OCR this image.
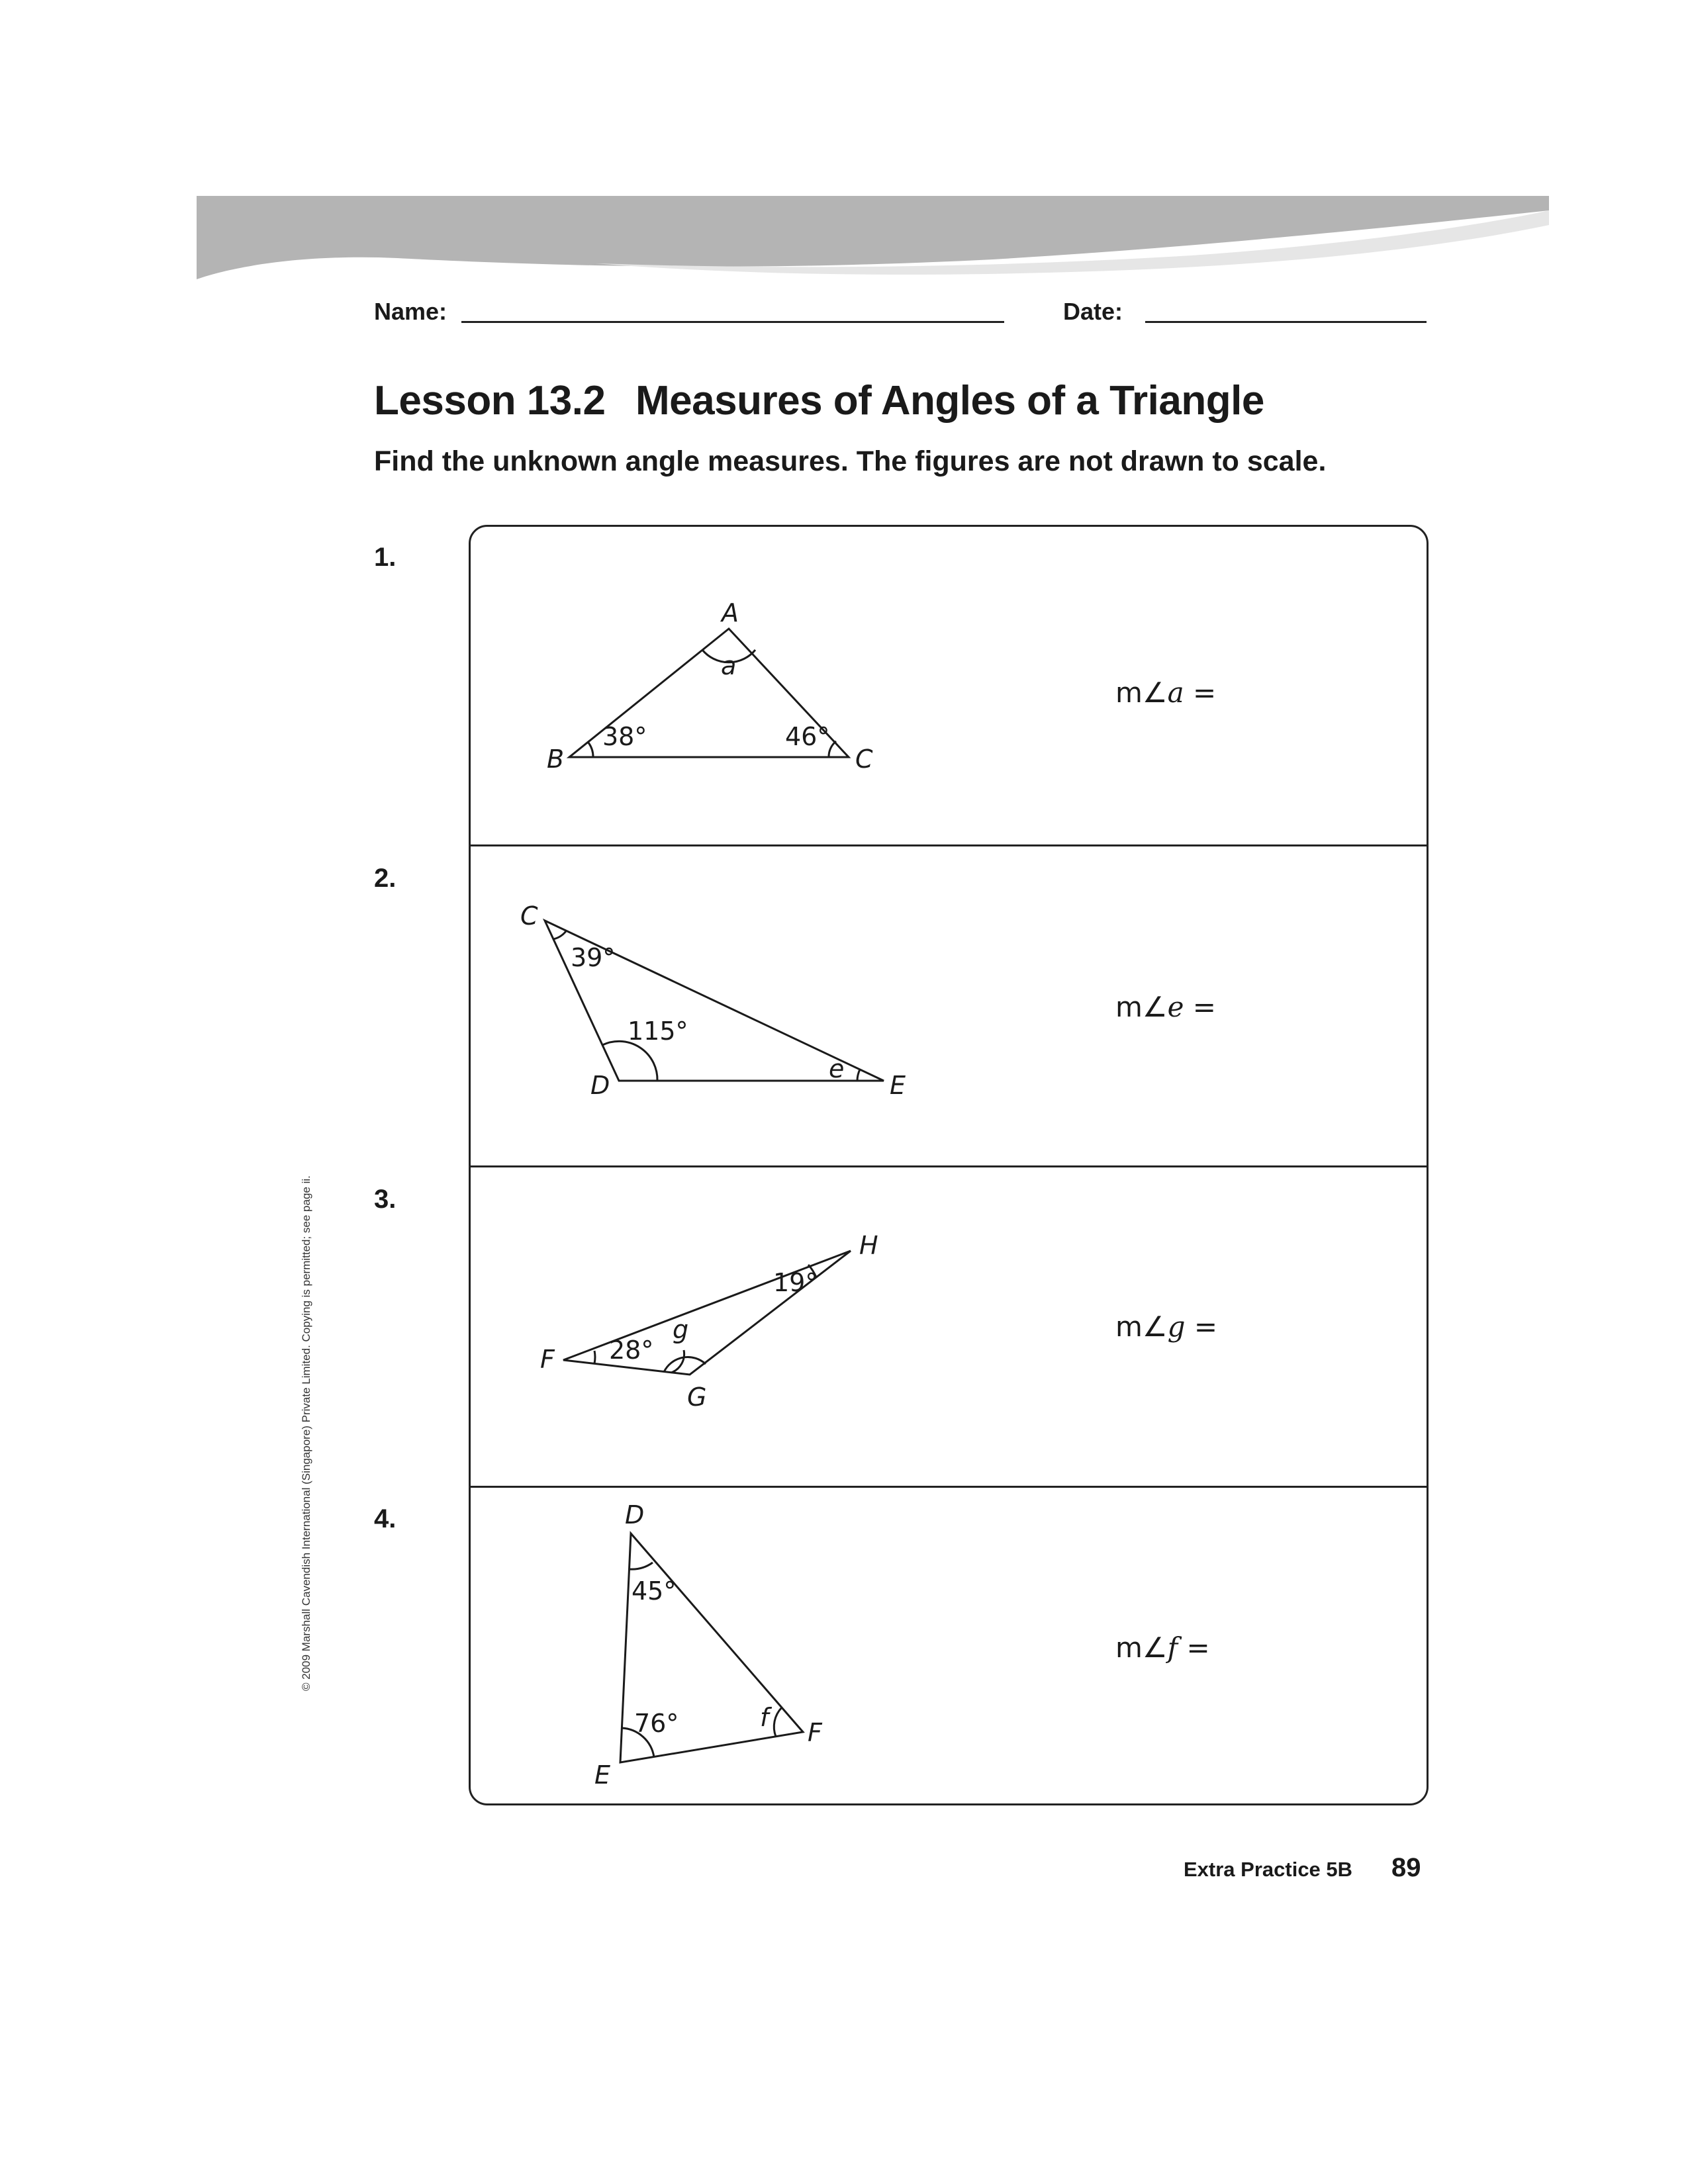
Name:	Date:
Lesson 13.2 Measures of Angles of a Triangle
Find the unknown angle measures. The figures are not drawn to scale.
1.
2.
3.
4.
A
B	C
a
38°	46°
m∠a =
C
D	E
39°
115°
e
m∠e =
F
G
H
28°
g
19°
m∠g =
D
E
F
45°
76°	f
m∠f =
© 2009 Marshall Cavendish International (Singapore) Private Limited. Copying is permitted; see page ii.
Extra Practice 5B 89
